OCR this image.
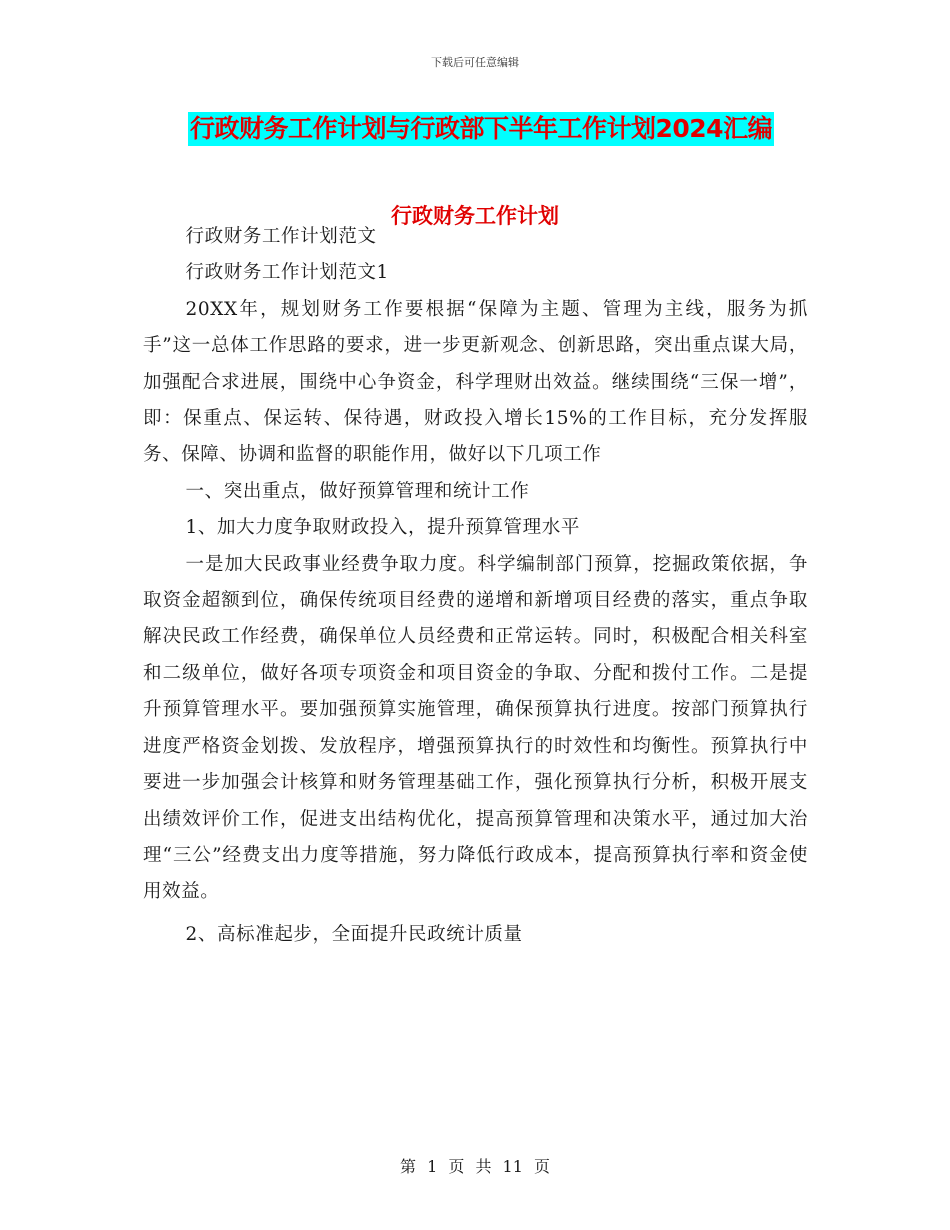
下载后可任意编辑
行政财务工作计划与行政部下半年工作计划2024汇编
行政财务工作计划

行政财务工作计划范文

行政财务工作计划范文1

20XX年，规划财务工作要根据“保障为主题、管理为主线，服务为抓手”这一总体工作思路的要求，进一步更新观念、创新思路，突出重点谋大局，加强配合求进展，围绕中心争资金，科学理财出效益。继续围绕“三保一增”，即：保重点、保运转、保待遇，财政投入增长15%的工作目标，充分发挥服务、保障、协调和监督的职能作用，做好以下几项工作

一、突出重点，做好预算管理和统计工作

1、加大力度争取财政投入，提升预算管理水平

一是加大民政事业经费争取力度。科学编制部门预算，挖掘政策依据，争取资金超额到位，确保传统项目经费的递增和新增项目经费的落实，重点争取解决民政工作经费，确保单位人员经费和正常运转。同时，积极配合相关科室和二级单位，做好各项专项资金和项目资金的争取、分配和拨付工作。二是提升预算管理水平。要加强预算实施管理，确保预算执行进度。按部门预算执行进度严格资金划拨、发放程序，增强预算执行的时效性和均衡性。预算执行中要进一步加强会计核算和财务管理基础工作，强化预算执行分析，积极开展支出绩效评价工作，促进支出结构优化，提高预算管理和决策水平，通过加大治理“三公”经费支出力度等措施，努力降低行政成本，提高预算执行率和资金使用效益。

2、高标准起步，全面提升民政统计质量

第 1 页 共 11 页
